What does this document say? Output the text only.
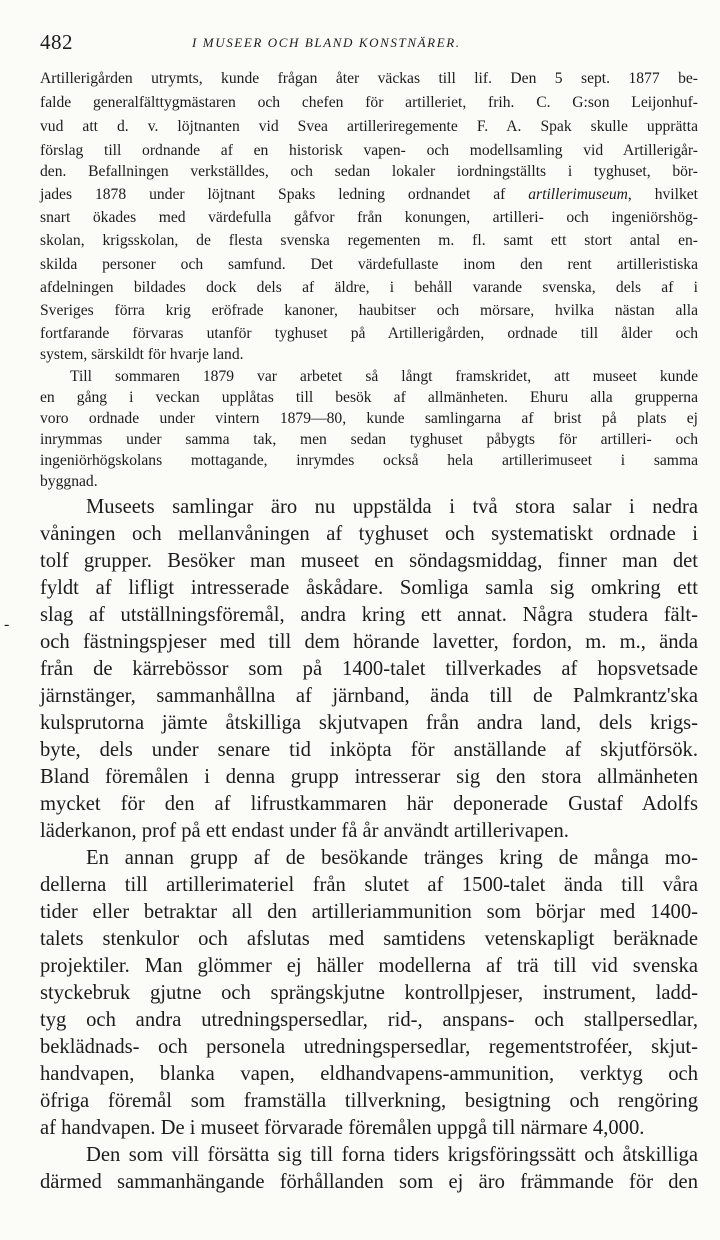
482	I MUSEER OCH BLAND KONSTNÄRER.
-
Artillerigården utrymts, kunde frågan åter väckas till lif. Den 5 sept. 1877 be-
falde generalfälttygmästaren och chefen för artilleriet, frih. C. G:son Leijonhuf-
vud att d. v. löjtnanten vid Svea artilleriregemente F. A. Spak skulle upprätta
förslag till ordnande af en historisk vapen- och modellsamling vid Artillerigår-
den. Befallningen verkställdes, och sedan lokaler iordningställts i tyghuset, bör-
jades 1878 under löjtnant Spaks ledning ordnandet af artillerimuseum, hvilket
snart ökades med värdefulla gåfvor från konungen, artilleri- och ingeniörshög-
skolan, krigsskolan, de flesta svenska regementen m. fl. samt ett stort antal en-
skilda personer och samfund. Det värdefullaste inom den rent artilleristiska
afdelningen bildades dock dels af äldre, i behåll varande svenska, dels af i
Sveriges förra krig eröfrade kanoner, haubitser och mörsare, hvilka nästan alla
fortfarande förvaras utanför tyghuset på Artillerigården, ordnade till ålder och
system, särskildt för hvarje land.
Till sommaren 1879 var arbetet så långt framskridet, att museet kunde
en gång i veckan upplåtas till besök af allmänheten. Ehuru alla grupperna
voro ordnade under vintern 1879—80, kunde samlingarna af brist på plats ej
inrymmas under samma tak, men sedan tyghuset påbygts för artilleri- och
ingeniörhögskolans mottagande, inrymdes också hela artillerimuseet i samma
byggnad.
Museets samlingar äro nu uppstälda i två stora salar i nedra
våningen och mellanvåningen af tyghuset och systematiskt ordnade i
tolf grupper. Besöker man museet en söndagsmiddag, finner man det
fyldt af lifligt intresserade åskådare. Somliga samla sig omkring ett
slag af utställningsföremål, andra kring ett annat. Några studera fält-
och fästningspjeser med till dem hörande lavetter, fordon, m. m., ända
från de kärrebössor som på 1400-talet tillverkades af hopsvetsade
järnstänger, sammanhållna af järnband, ända till de Palmkrantz'ska
kulsprutorna jämte åtskilliga skjutvapen från andra land, dels krigs-
byte, dels under senare tid inköpta för anställande af skjutförsök.
Bland föremålen i denna grupp intresserar sig den stora allmänheten
mycket för den af lifrustkammaren här deponerade Gustaf Adolfs
läderkanon, prof på ett endast under få år användt artillerivapen.
En annan grupp af de besökande tränges kring de många mo-
dellerna till artillerimateriel från slutet af 1500-talet ända till våra
tider eller betraktar all den artilleriammunition som börjar med 1400-
talets stenkulor och afslutas med samtidens vetenskapligt beräknade
projektiler. Man glömmer ej häller modellerna af trä till vid svenska
styckebruk gjutne och sprängskjutne kontrollpjeser, instrument, ladd-
tyg och andra utredningspersedlar, rid-, anspans- och stallpersedlar,
beklädnads- och personela utredningspersedlar, regementstroféer, skjut-
handvapen, blanka vapen, eldhandvapens-ammunition, verktyg och
öfriga föremål som framställa tillverkning, besigtning och rengöring
af handvapen. De i museet förvarade föremålen uppgå till närmare 4,000.
Den som vill försätta sig till forna tiders krigsföringssätt och åtskilliga
därmed sammanhängande förhållanden som ej äro främmande för den
